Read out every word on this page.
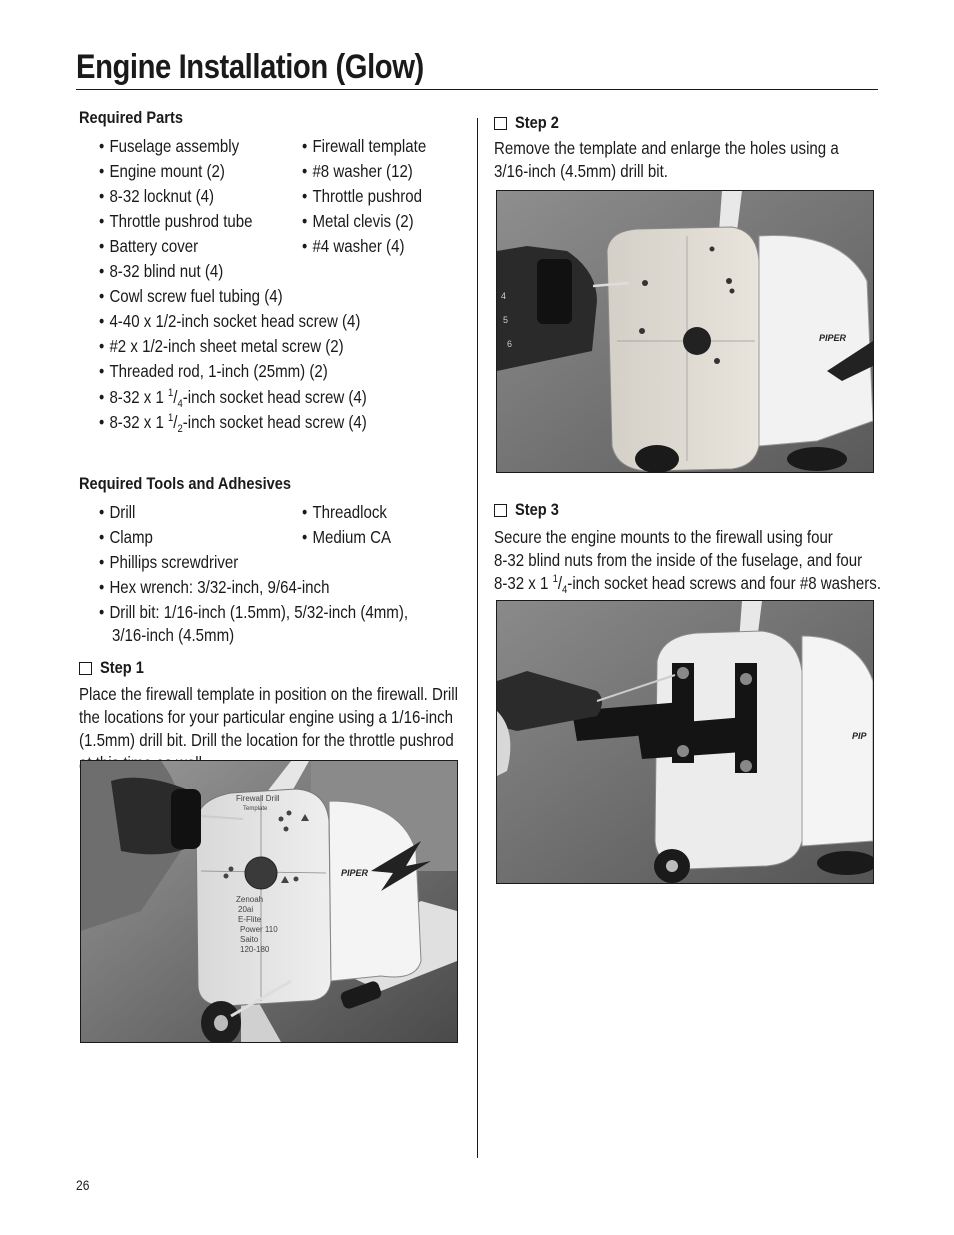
Engine Installation (Glow)
Required Parts
• Fuselage assembly
• Engine mount (2)
• 8-32 locknut (4)
• Throttle pushrod tube
• Battery cover
• 8-32 blind nut (4)
• Cowl screw fuel tubing (4)
• 4-40 x 1/2-inch socket head screw (4)
• #2 x 1/2-inch sheet metal screw (2)
• Threaded rod, 1-inch (25mm) (2)
• 8-32 x 1 $^1/_4$-inch socket head screw (4)
• 8-32 x 1 $^1/_2$-inch socket head screw (4)
• Firewall template
• #8 washer (12)
• Throttle pushrod
• Metal clevis (2)
• #4 washer (4)
Required Tools and Adhesives
• Drill
• Clamp
• Phillips screwdriver
• Hex wrench: 3/32-inch, 9/64-inch
• Drill bit: 1/16-inch (1.5mm), 5/32-inch (4mm),
3/16-inch (4.5mm)
• Threadlock
• Medium CA
Step 1
Place the firewall template in position on the firewall. Drill
the locations for your particular engine using a 1/16-inch
(1.5mm) drill bit. Drill the location for the throttle pushrod
Step 2
Remove the template and enlarge the holes using a
3/16-inch (4.5mm) drill bit.
Step 3
Secure the engine mounts to the firewall using four
8-32 blind nuts from the inside of the fuselage, and four
8-32 x 1 $^1/_4$-inch socket head screws and four #8 washers.
Firewall Drill
Template
Zenoah
20ai
E-Flite
Power 110
Saito
120-180
PIPER
PIPER
4
5
6
PIP
26
